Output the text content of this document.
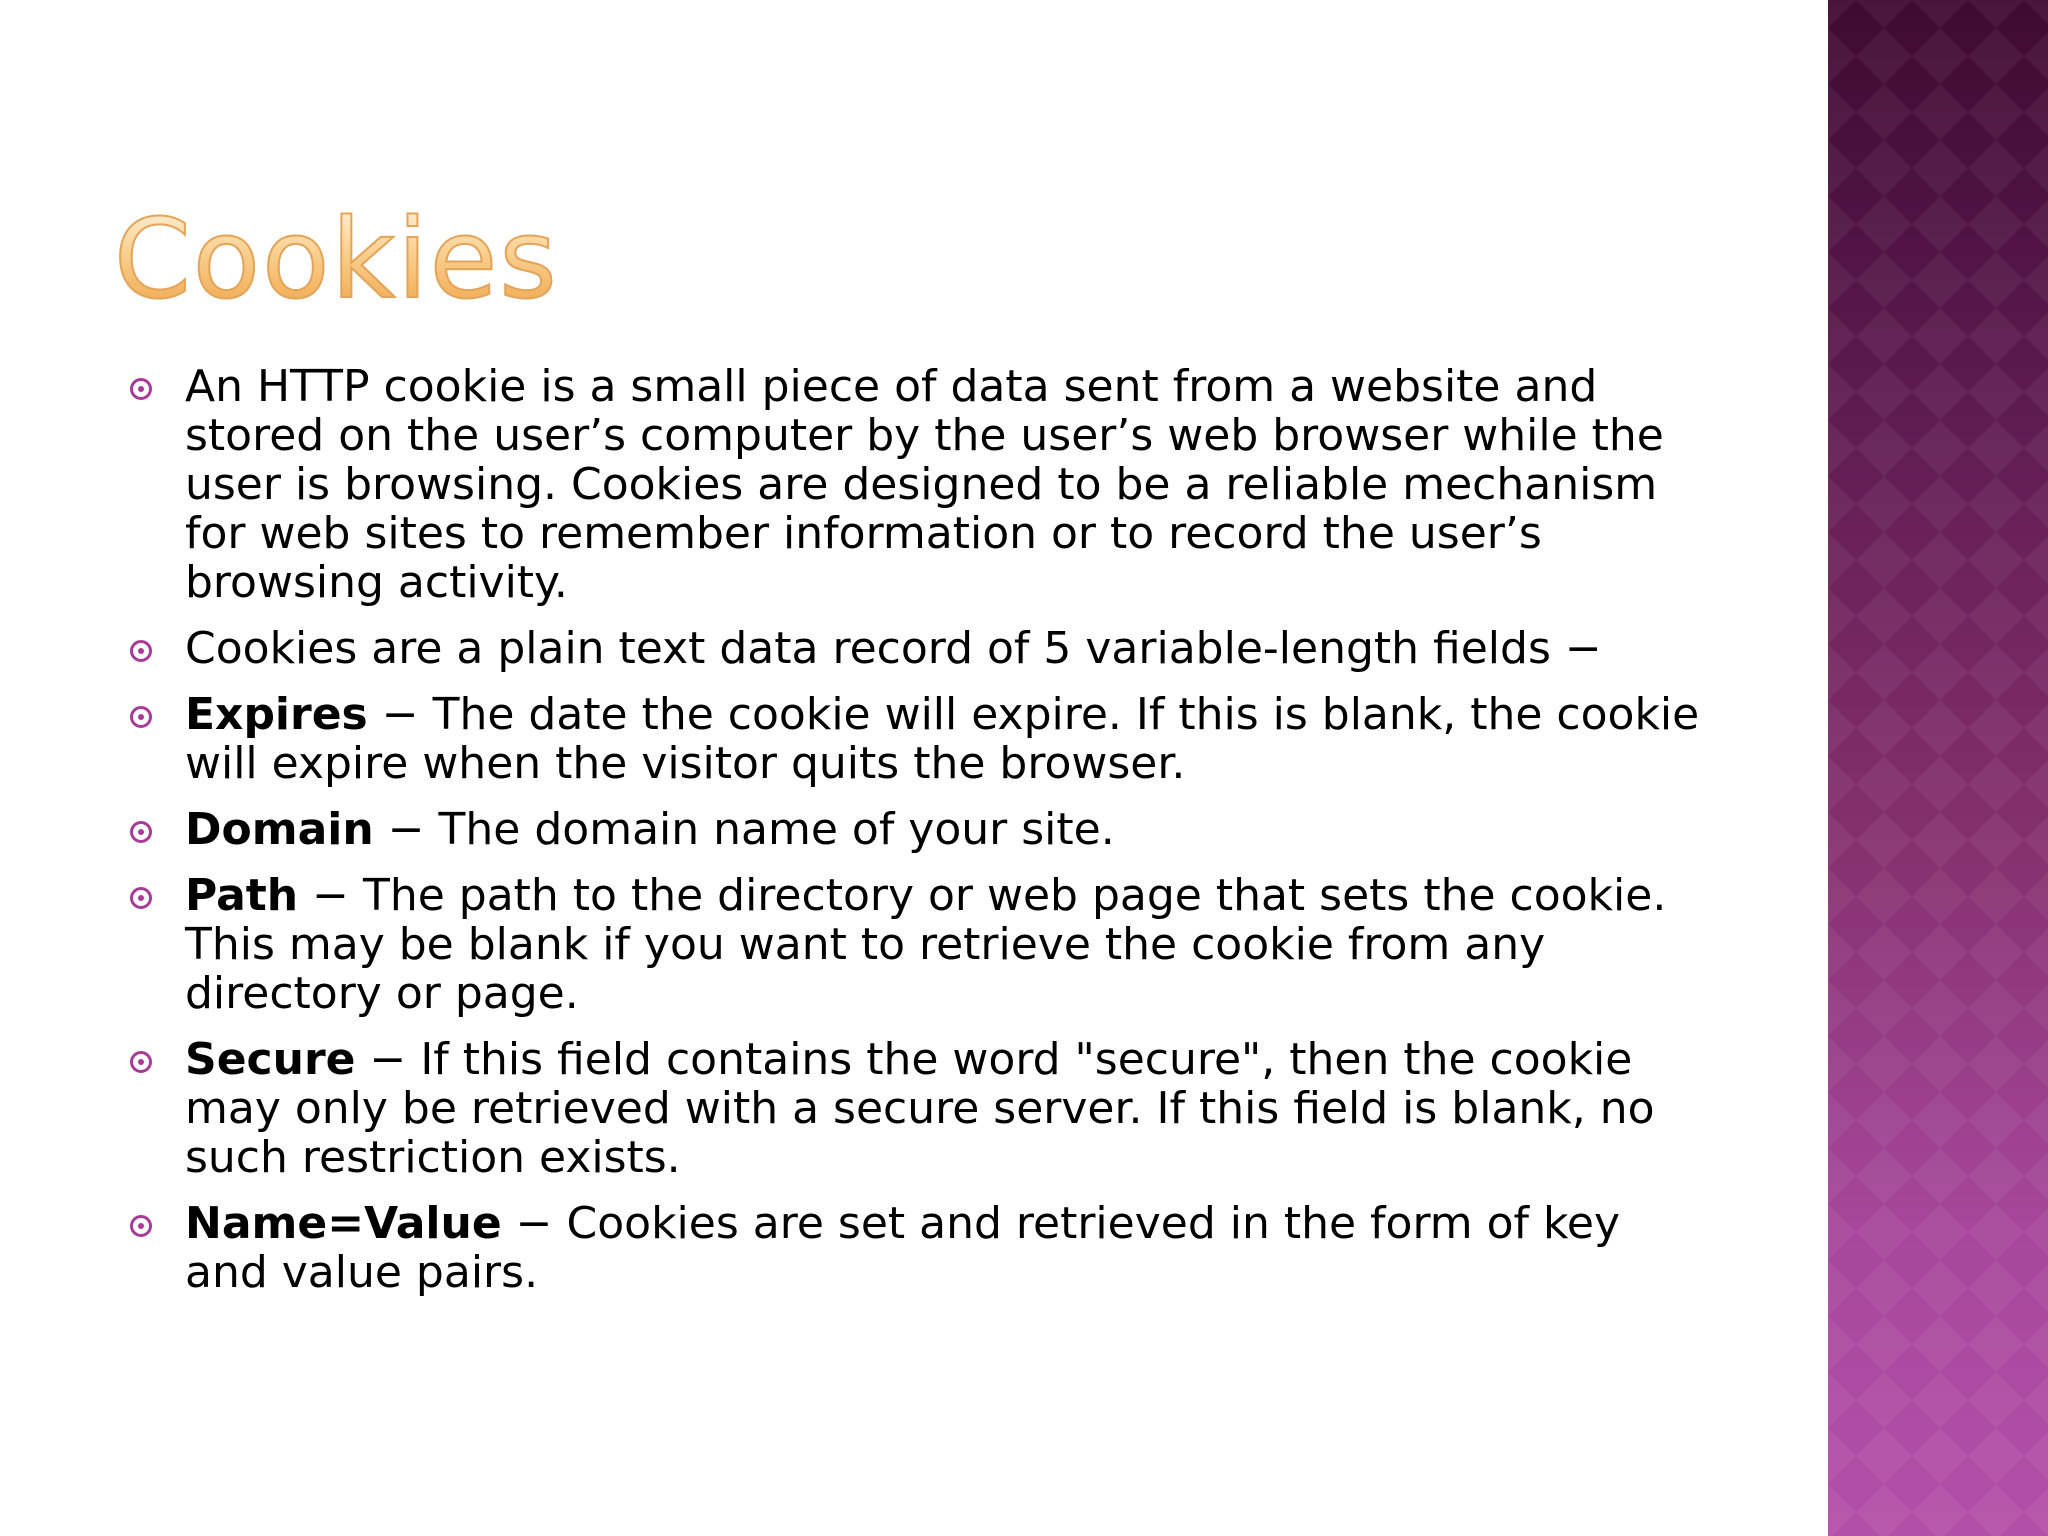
Cookies
An HTTP cookie is a small piece of data sent from a website and stored on the user’s computer by the user’s web browser while the user is browsing. Cookies are designed to be a reliable mechanism for web sites to remember information or to record the user’s browsing activity.
Cookies are a plain text data record of 5 variable-length fields −
Expires − The date the cookie will expire. If this is blank, the cookie will expire when the visitor quits the browser.
Domain − The domain name of your site.
Path − The path to the directory or web page that sets the cookie. This may be blank if you want to retrieve the cookie from any directory or page.
Secure − If this field contains the word "secure", then the cookie may only be retrieved with a secure server. If this field is blank, no such restriction exists.
Name=Value − Cookies are set and retrieved in the form of key and value pairs.
